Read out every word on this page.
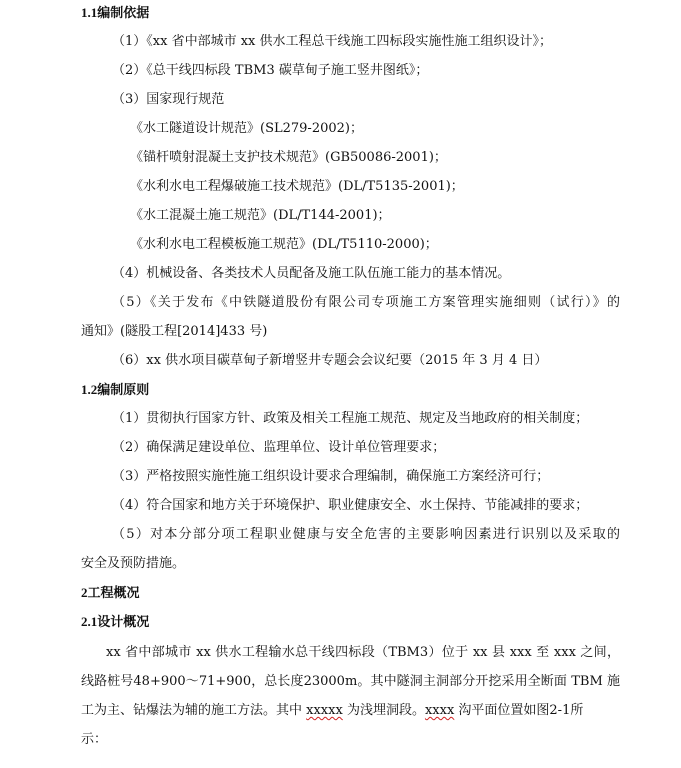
1.1编制依据
（1）《xx 省中部城市 xx 供水工程总干线施工四标段实施性施工组织设计》；
（2）《总干线四标段 TBM3 碳草甸子施工竖井图纸》；
（3）国家现行规范
《水工隧道设计规范》(SL279-2002)；
《锚杆喷射混凝土支护技术规范》(GB50086-2001)；
《水利水电工程爆破施工技术规范》(DL/T5135-2001)；
《水工混凝土施工规范》(DL/T144-2001)；
《水利水电工程模板施工规范》(DL/T5110-2000)；
（4）机械设备、各类技术人员配备及施工队伍施工能力的基本情况。
（5）《关于发布《中铁隧道股份有限公司专项施工方案管理实施细则（试行）》的
通知》(隧股工程[2014]433 号)
（6）xx 供水项目碳草甸子新增竖井专题会会议纪要（2015 年 3 月 4 日）
1.2编制原则
（1）贯彻执行国家方针、政策及相关工程施工规范、规定及当地政府的相关制度；
（2）确保满足建设单位、监理单位、设计单位管理要求；
（3）严格按照实施性施工组织设计要求合理编制，确保施工方案经济可行；
（4）符合国家和地方关于环境保护、职业健康安全、水土保持、节能减排的要求；
（5）对本分部分项工程职业健康与安全危害的主要影响因素进行识别以及采取的
安全及预防措施。
2工程概况
2.1设计概况
xx 省中部城市 xx 供水工程输水总干线四标段（TBM3）位于 xx 县 xxx 至 xxx 之间，
线路桩号48+900～71+900，总长度23000m。其中隧洞主洞部分开挖采用全断面 TBM 施
工为主、钻爆法为辅的施工方法。其中 xxxxx 为浅埋洞段。xxxx 沟平面位置如图2-1所
示：
